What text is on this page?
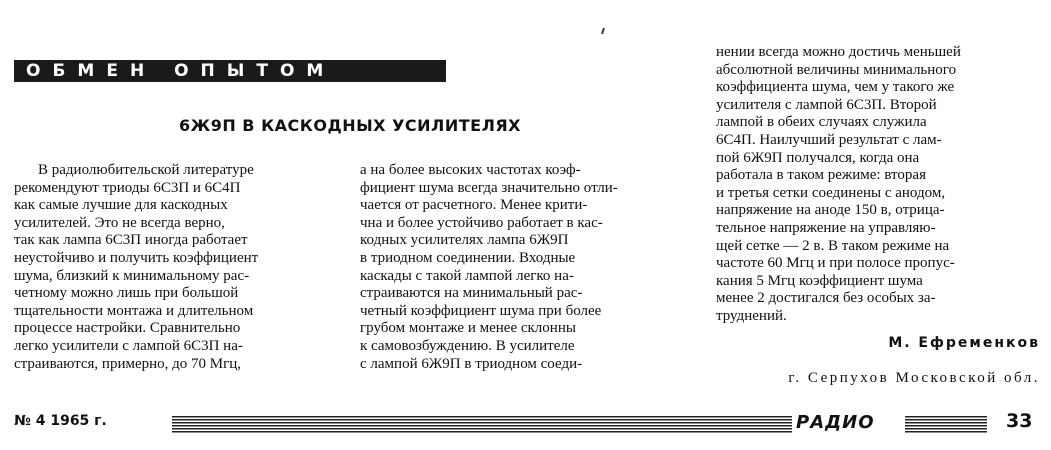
ОБМЕН ОПЫТОМ
6Ж9П В КАСКОДНЫХ УСИЛИТЕЛЯХ

В радиолюбительской литературе

рекомендуют триоды 6С3П и 6С4П

как самые лучшие для каскодных

усилителей. Это не всегда верно,

так как лампа 6С3П иногда работает

неустойчиво и получить коэффициент

шума, близкий к минимальному рас-

четному можно лишь при большой

тщательности монтажа и длительном

процессе настройки. Сравнительно

легко усилители с лампой 6С3П на-

страиваются, примерно, до 70 Мгц,

а на более высоких частотах коэф-

фициент шума всегда значительно отли-

чается от расчетного. Менее крити-

чна и более устойчиво работает в кас-

кодных усилителях лампа 6Ж9П

в триодном соединении. Входные

каскады с такой лампой легко на-

страиваются на минимальный рас-

четный коэффициент шума при более

грубом монтаже и менее склонны

к самовозбуждению. В усилителе

с лампой 6Ж9П в триодном соеди-

нении всегда можно достичь меньшей

абсолютной величины минимального

коэффициента шума, чем у такого же

усилителя с лампой 6С3П. Второй

лампой в обеих случаях служила

6С4П. Наилучший результат с лам-

пой 6Ж9П получался, когда она

работала в таком режиме: вторая

и третья сетки соединены с анодом,

напряжение на аноде 150 в, отрица-

тельное напряжение на управляю-

щей сетке — 2 в. В таком режиме на

частоте 60 Мгц и при полосе пропус-

кания 5 Мгц коэффициент шума

менее 2 достигался без особых за-

труднений.

М. Ефременков
г. Серпухов Московской обл.
№ 4 1965 г.	РАДИО	33
